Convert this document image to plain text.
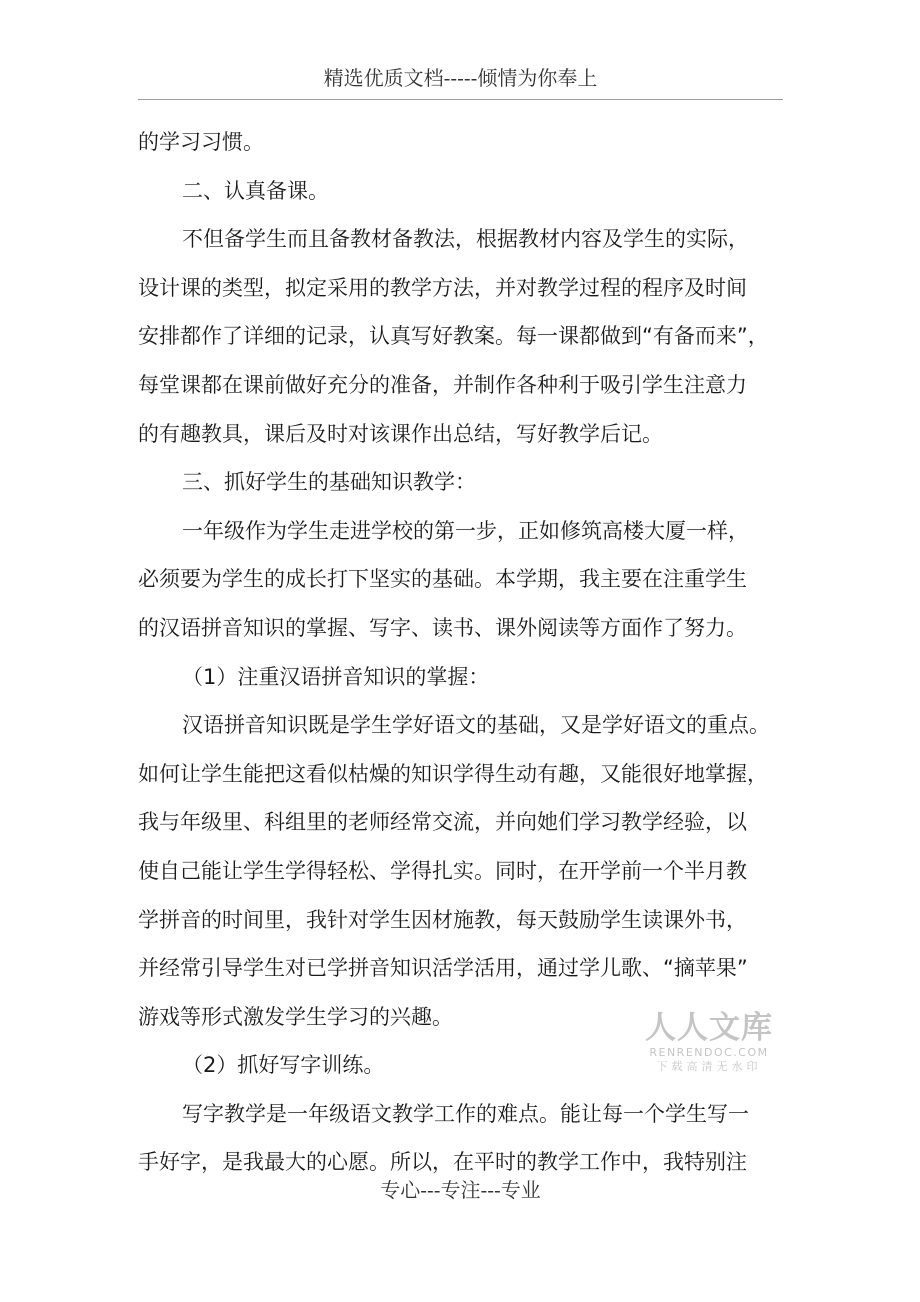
精选优质文档-----倾情为你奉上
的学习习惯。
二、认真备课。
不但备学生而且备教材备教法，根据教材内容及学生的实际，
设计课的类型，拟定采用的教学方法，并对教学过程的程序及时间
安排都作了详细的记录，认真写好教案。每一课都做到“有备而来”，
每堂课都在课前做好充分的准备，并制作各种利于吸引学生注意力
的有趣教具，课后及时对该课作出总结，写好教学后记。
三、抓好学生的基础知识教学：
一年级作为学生走进学校的第一步，正如修筑高楼大厦一样，
必须要为学生的成长打下坚实的基础。本学期，我主要在注重学生
的汉语拼音知识的掌握、写字、读书、课外阅读等方面作了努力。
（1）注重汉语拼音知识的掌握：
汉语拼音知识既是学生学好语文的基础，又是学好语文的重点。
如何让学生能把这看似枯燥的知识学得生动有趣，又能很好地掌握，
我与年级里、科组里的老师经常交流，并向她们学习教学经验，以
使自己能让学生学得轻松、学得扎实。同时，在开学前一个半月教
学拼音的时间里，我针对学生因材施教，每天鼓励学生读课外书，
并经常引导学生对已学拼音知识活学活用，通过学儿歌、“摘苹果”
游戏等形式激发学生学习的兴趣。
（2）抓好写字训练。
写字教学是一年级语文教学工作的难点。能让每一个学生写一
手好字，是我最大的心愿。所以，在平时的教学工作中，我特别注
人人文库
RENRENDOC.COM
下载高清无水印
专心---专注---专业
